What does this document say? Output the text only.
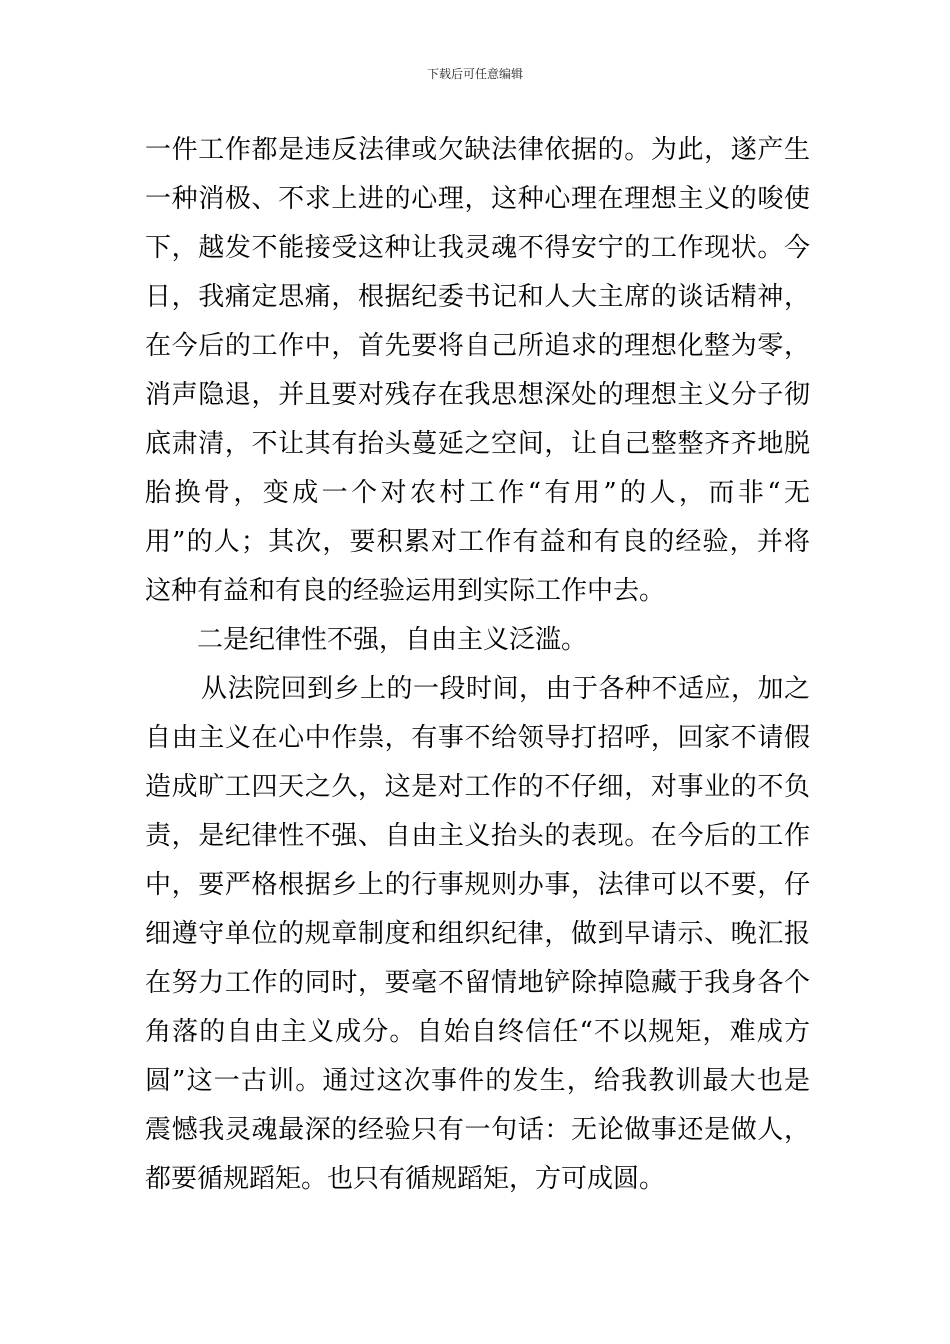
下载后可任意编辑
一件工作都是违反法律或欠缺法律依据的。为此，遂产生
一种消极、不求上进的心理，这种心理在理想主义的唆使
下，越发不能接受这种让我灵魂不得安宁的工作现状。今
日，我痛定思痛，根据纪委书记和人大主席的谈话精神，
在今后的工作中，首先要将自己所追求的理想化整为零，
消声隐退，并且要对残存在我思想深处的理想主义分子彻
底肃清，不让其有抬头蔓延之空间，让自己整整齐齐地脱
胎换骨，变成一个对农村工作“有用”的人，而非“无
用”的人；其次，要积累对工作有益和有良的经验，并将
这种有益和有良的经验运用到实际工作中去。
二是纪律性不强，自由主义泛滥。
从法院回到乡上的一段时间，由于各种不适应，加之
自由主义在心中作祟，有事不给领导打招呼，回家不请假
造成旷工四天之久，这是对工作的不仔细，对事业的不负
责，是纪律性不强、自由主义抬头的表现。在今后的工作
中，要严格根据乡上的行事规则办事，法律可以不要，仔
细遵守单位的规章制度和组织纪律，做到早请示、晚汇报
在努力工作的同时，要毫不留情地铲除掉隐藏于我身各个
角落的自由主义成分。自始自终信任“不以规矩，难成方
圆”这一古训。通过这次事件的发生，给我教训最大也是
震憾我灵魂最深的经验只有一句话：无论做事还是做人，
都要循规蹈矩。也只有循规蹈矩，方可成圆。
